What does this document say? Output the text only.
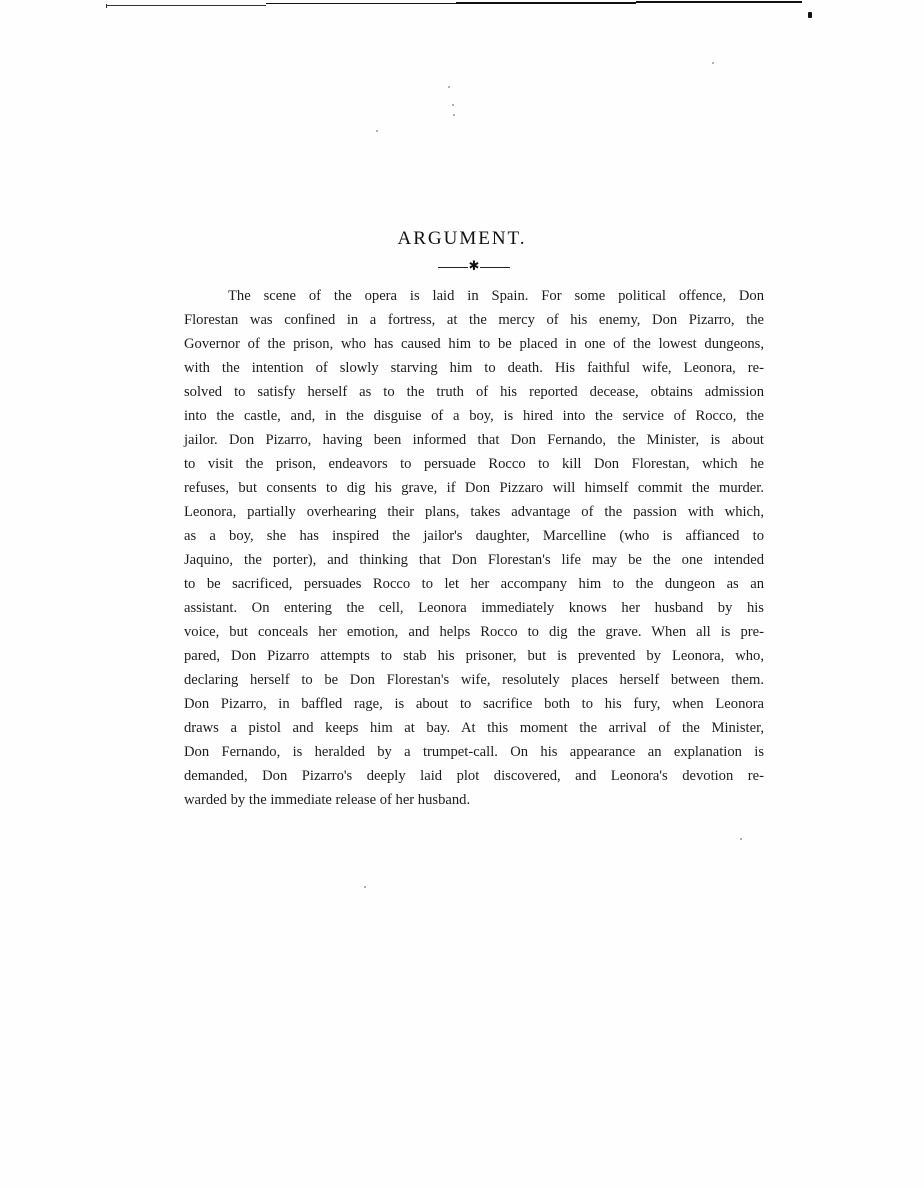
ARGUMENT.
✱
The scene of the opera is laid in Spain. For some political offence, Don
Florestan was confined in a fortress, at the mercy of his enemy, Don Pizarro, the
Governor of the prison, who has caused him to be placed in one of the lowest dungeons,
with the intention of slowly starving him to death. His faithful wife, Leonora, re-
solved to satisfy herself as to the truth of his reported decease, obtains admission
into the castle, and, in the disguise of a boy, is hired into the service of Rocco, the
jailor. Don Pizarro, having been informed that Don Fernando, the Minister, is about
to visit the prison, endeavors to persuade Rocco to kill Don Florestan, which he
refuses, but consents to dig his grave, if Don Pizzaro will himself commit the murder.
Leonora, partially overhearing their plans, takes advantage of the passion with which,
as a boy, she has inspired the jailor's daughter, Marcelline (who is affianced to
Jaquino, the porter), and thinking that Don Florestan's life may be the one intended
to be sacrificed, persuades Rocco to let her accompany him to the dungeon as an
assistant. On entering the cell, Leonora immediately knows her husband by his
voice, but conceals her emotion, and helps Rocco to dig the grave. When all is pre-
pared, Don Pizarro attempts to stab his prisoner, but is prevented by Leonora, who,
declaring herself to be Don Florestan's wife, resolutely places herself between them.
Don Pizarro, in baffled rage, is about to sacrifice both to his fury, when Leonora
draws a pistol and keeps him at bay. At this moment the arrival of the Minister,
Don Fernando, is heralded by a trumpet-call. On his appearance an explanation is
demanded, Don Pizarro's deeply laid plot discovered, and Leonora's devotion re-
warded by the immediate release of her husband.
